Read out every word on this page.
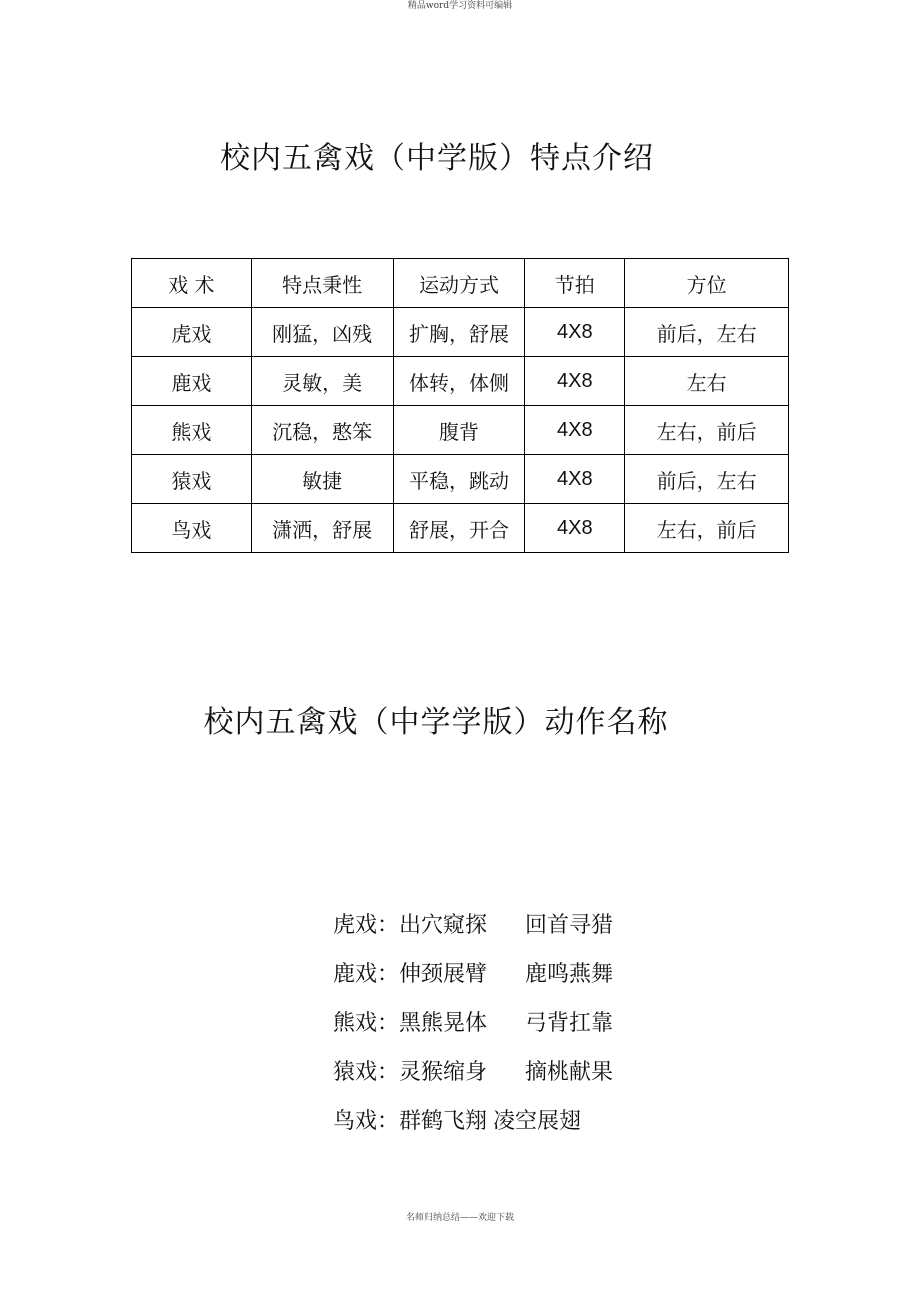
精品word学习资料可编辑
校内五禽戏（中学版）特点介绍
戏 术	特点秉性	运动方式	节拍	方位
虎戏	刚猛，凶残	扩胸，舒展	4X8	前后，左右
鹿戏	灵敏，美	体转，体侧	4X8	左右
熊戏	沉稳，憨笨	腹背	4X8	左右，前后
猿戏	敏捷	平稳，跳动	4X8	前后，左右
鸟戏	潇洒，舒展	舒展，开合	4X8	左右，前后
校内五禽戏（中学学版）动作名称

虎戏：出穴窥探 回首寻猎

鹿戏：伸颈展臂 鹿鸣燕舞

熊戏：黑熊晃体 弓背扛靠

猿戏：灵猴缩身 摘桃献果

鸟戏：群鹤飞翔 凌空展翅

名师归纳总结——欢迎下载
